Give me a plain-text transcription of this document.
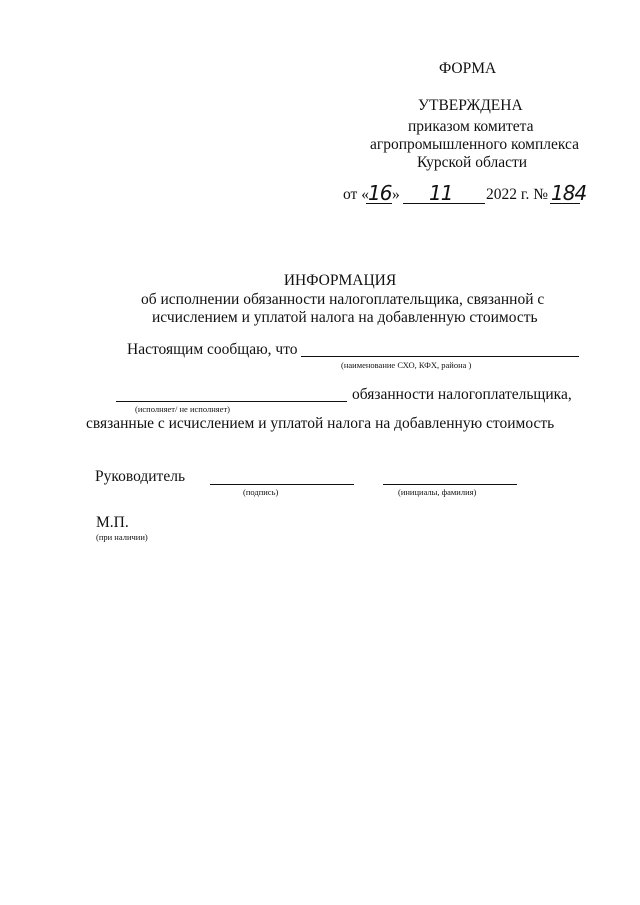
ФОРМА
УТВЕРЖДЕНА
приказом комитета
агропромышленного комплекса
Курской области
от « 16 » 11 2022 г. № 184
ИНФОРМАЦИЯ
об исполнении обязанности налогоплательщика, связанной с
исчислением и уплатой налога на добавленную стоимость
Настоящим сообщаю, что
(наименование СХО, КФХ, района )
обязанности налогоплательщика,
(исполняет/ не исполняет)
связанные с исчислением и уплатой налога на добавленную стоимость
Руководитель
(подпись)	(инициалы, фамилия)
М.П.
(при наличии)
